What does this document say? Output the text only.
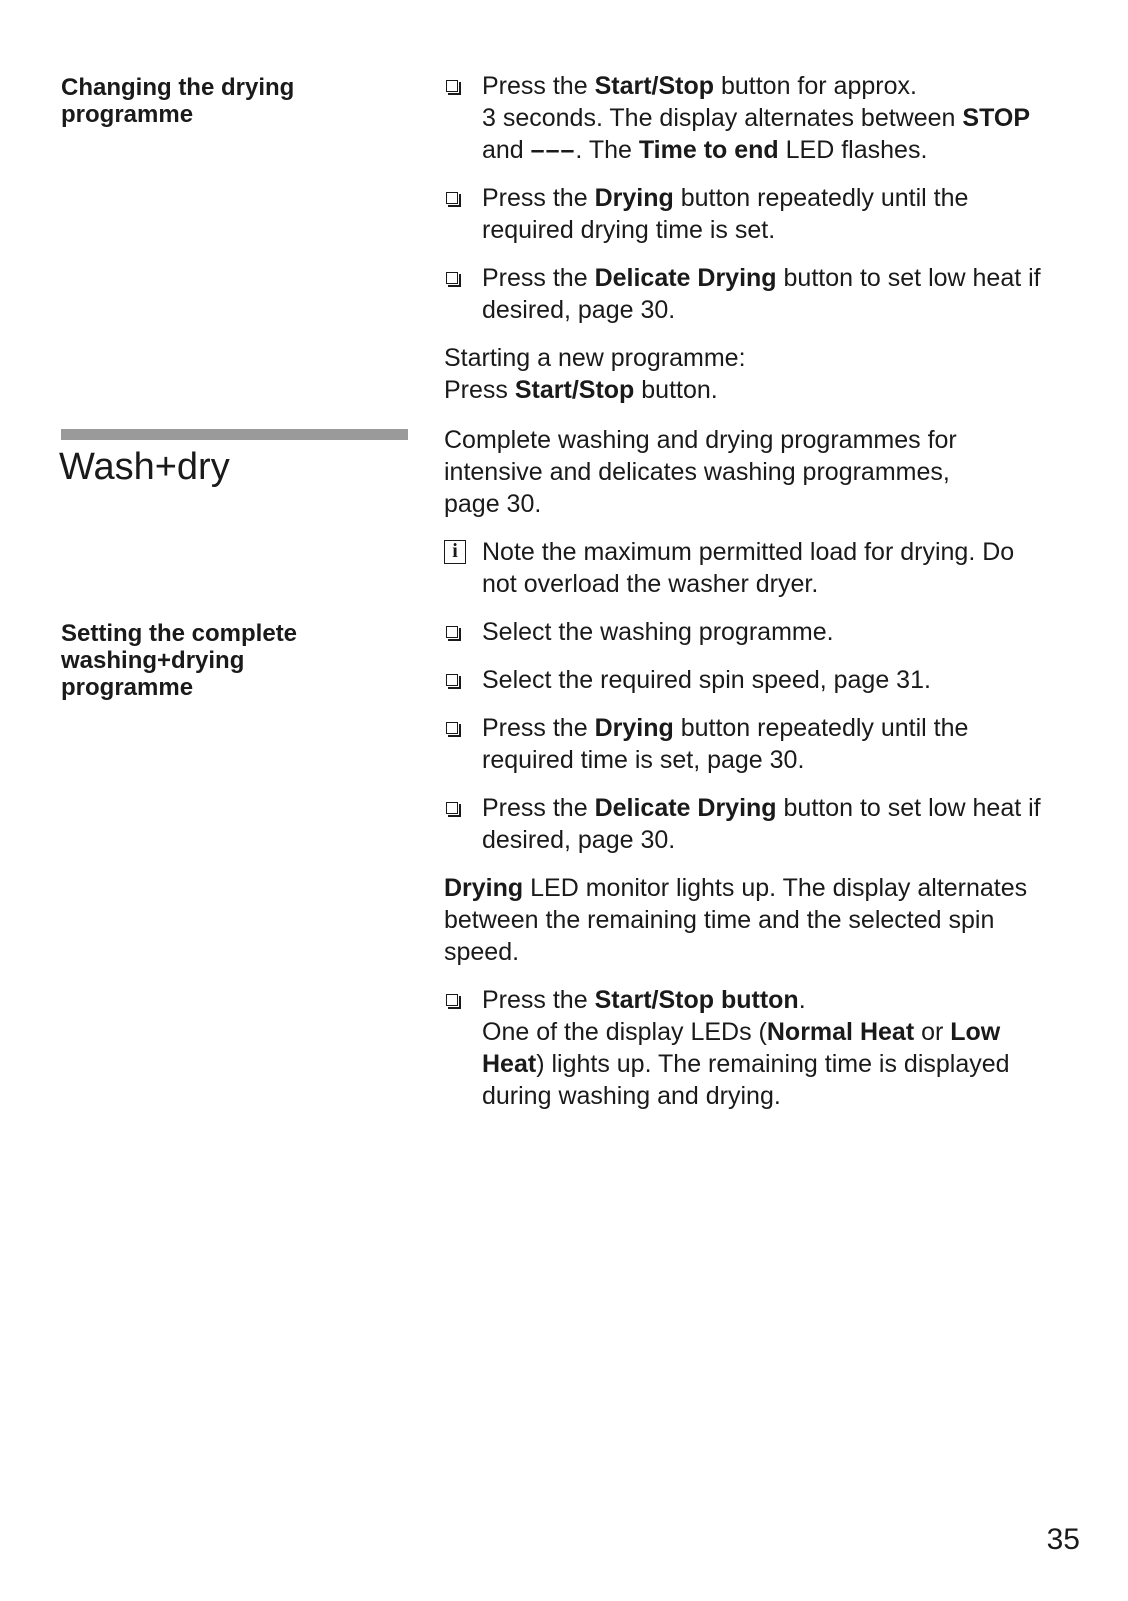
Changing the drying
programme
Wash+dry
Setting the complete
washing+drying
programme
Press the Start/Stop button for approx.
3 seconds. The display alternates between STOP
and –––. The Time to end LED flashes.
Press the Drying button repeatedly until the
required drying time is set.
Press the Delicate Drying button to set low heat if
desired, page 30.
Starting a new programme:
Press Start/Stop button.
Complete washing and drying programmes for
intensive and delicates washing programmes,
page 30.
i Note the maximum permitted load for drying. Do
not overload the washer dryer.
Select the washing programme.
Select the required spin speed, page 31.
Press the Drying button repeatedly until the
required time is set, page 30.
Press the Delicate Drying button to set low heat if
desired, page 30.
Drying LED monitor lights up. The display alternates
between the remaining time and the selected spin
speed.
Press the Start/Stop button.
One of the display LEDs (Normal Heat or Low
Heat) lights up. The remaining time is displayed
during washing and drying.
35
